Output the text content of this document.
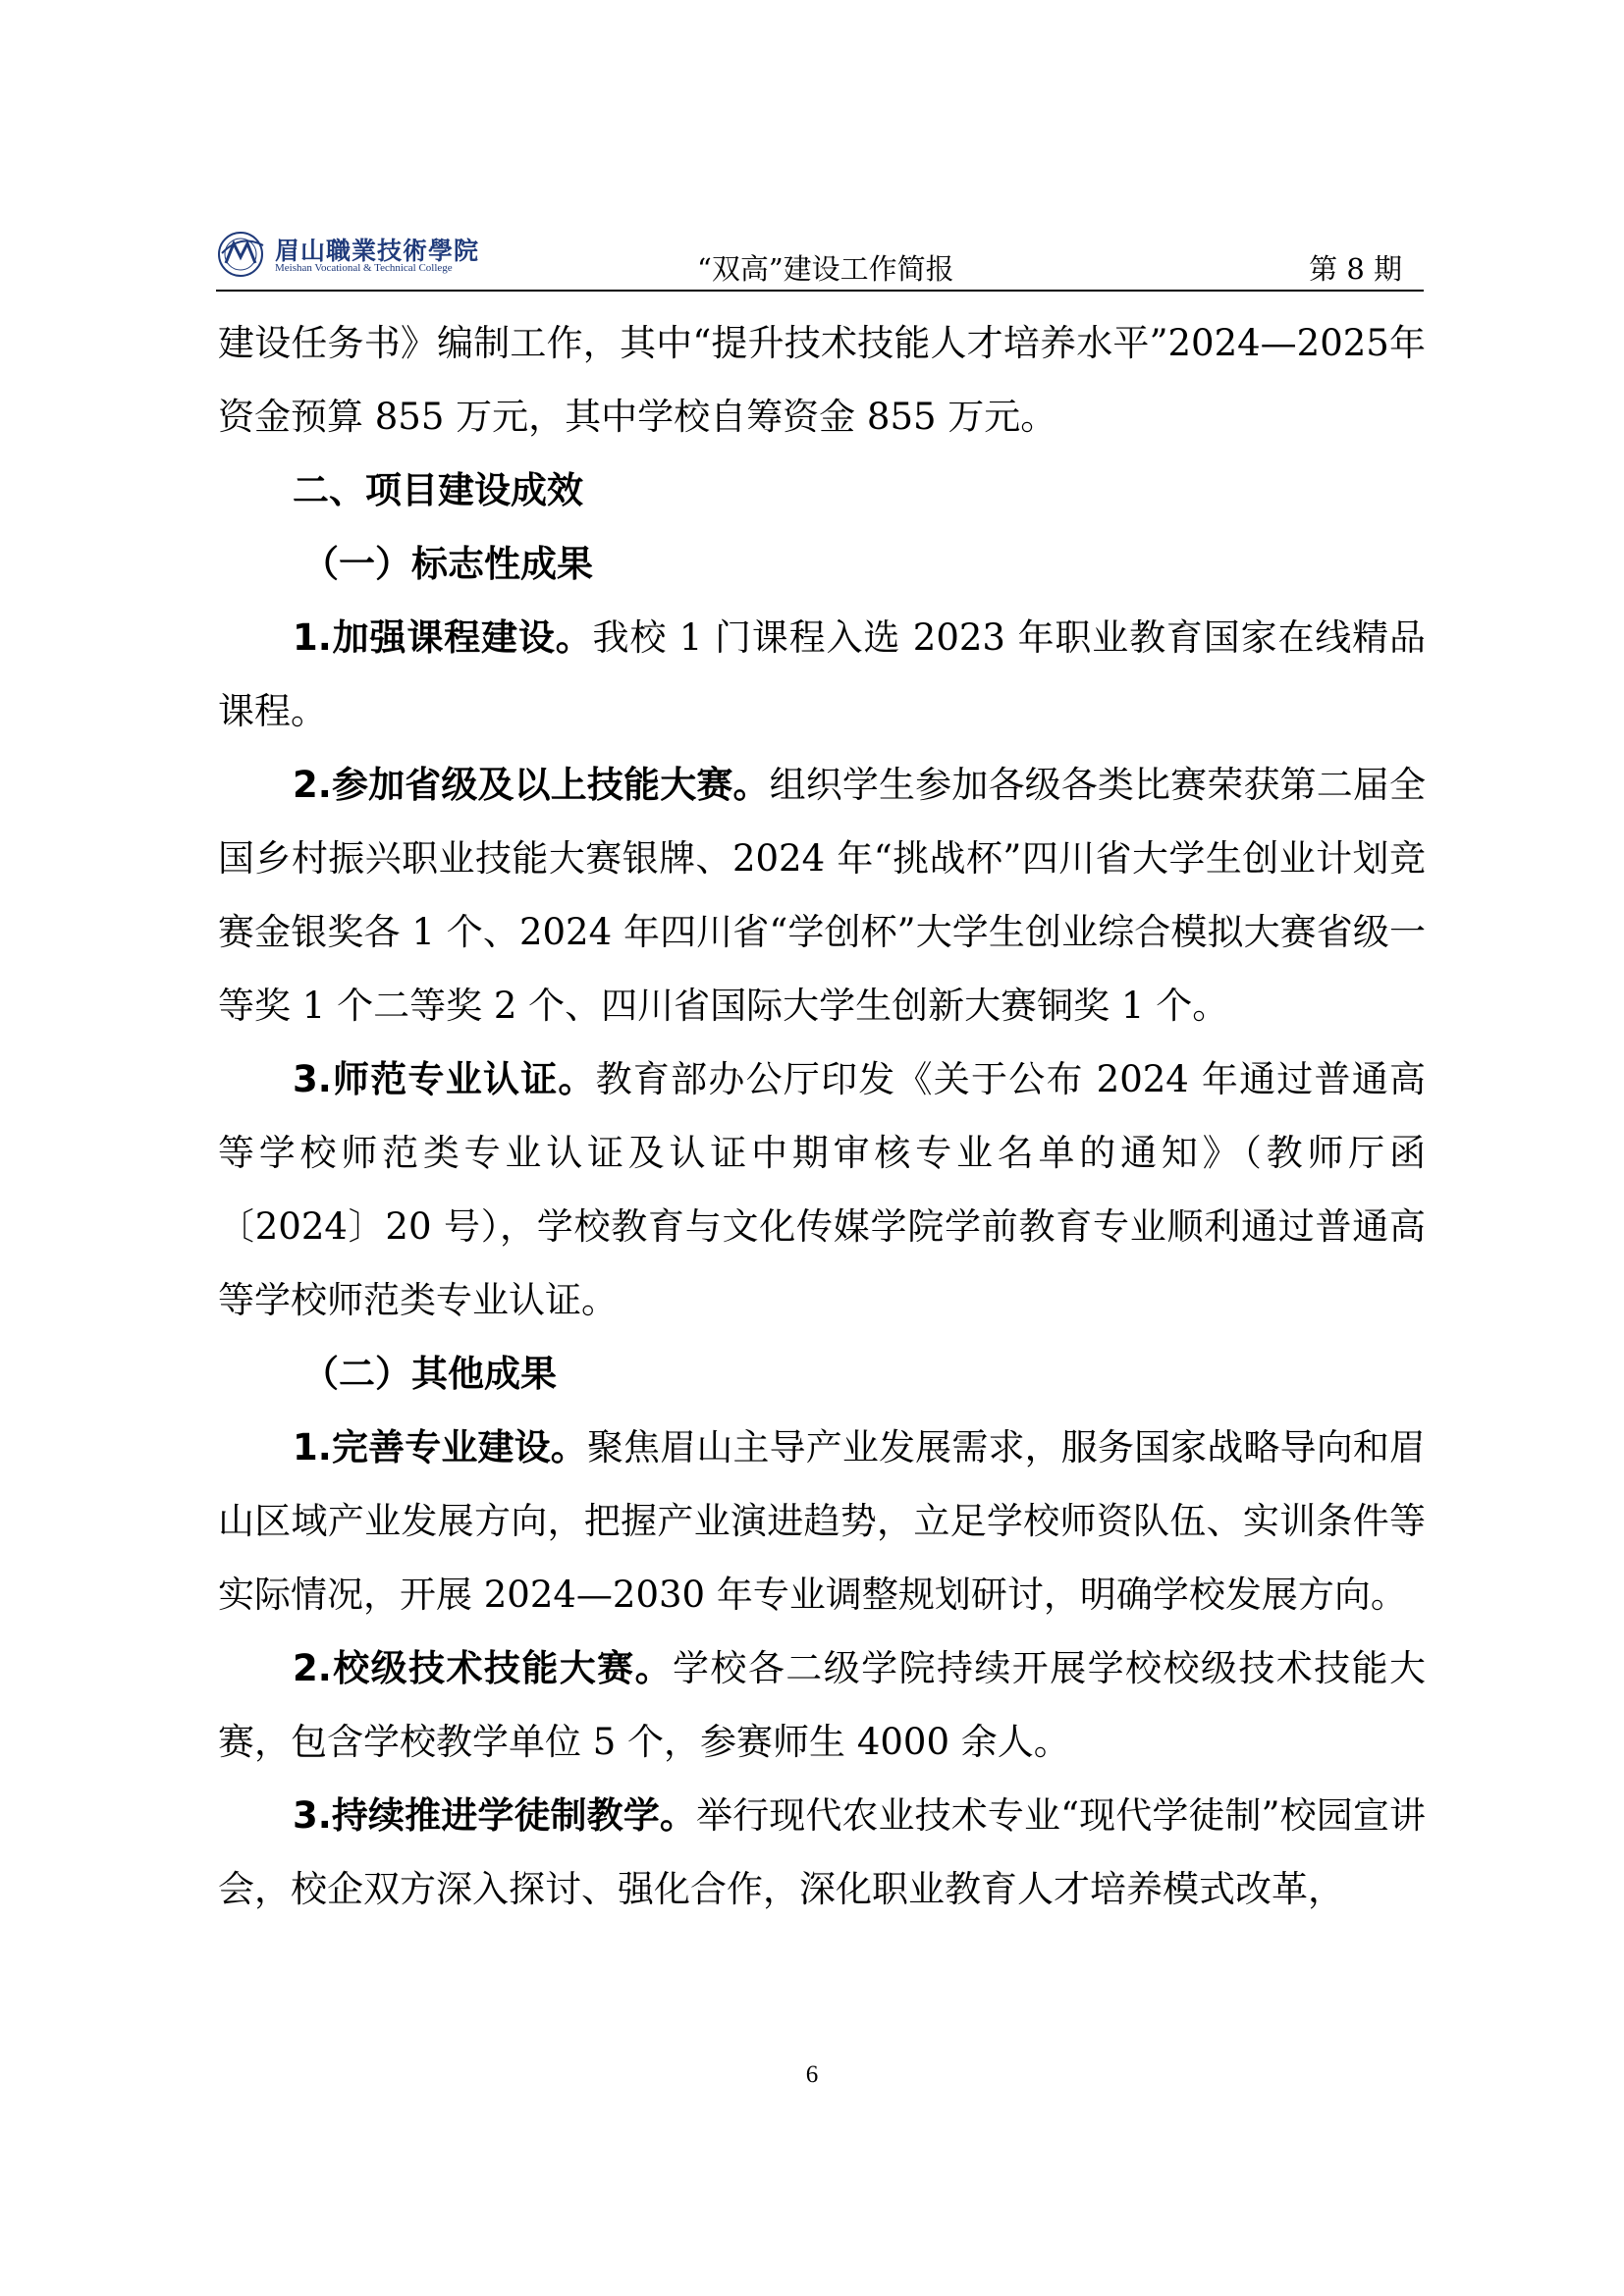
眉山職業技術學院
Meishan Vocational & Technical College	“双高”建设工作简报	第 8 期

建设任务书》编制工作，其中“提升技术技能人才培养水平”2024—2025年资金预算 855 万元，其中学校自筹资金 855 万元。

二、项目建设成效

（一）标志性成果

1.加强课程建设。我校 1 门课程入选 2023 年职业教育国家在线精品课程。

2.参加省级及以上技能大赛。组织学生参加各级各类比赛荣获第二届全国乡村振兴职业技能大赛银牌、2024 年“挑战杯”四川省大学生创业计划竞赛金银奖各 1 个、2024 年四川省“学创杯”大学生创业综合模拟大赛省级一等奖 1 个二等奖 2 个、四川省国际大学生创新大赛铜奖 1 个。

3.师范专业认证。教育部办公厅印发《关于公布 2024 年通过普通高等学校师范类专业认证及认证中期审核专业名单的通知》（教师厅函〔2024〕20 号），学校教育与文化传媒学院学前教育专业顺利通过普通高等学校师范类专业认证。

（二）其他成果

1.完善专业建设。聚焦眉山主导产业发展需求，服务国家战略导向和眉山区域产业发展方向，把握产业演进趋势，立足学校师资队伍、实训条件等实际情况，开展 2024—2030 年专业调整规划研讨，明确学校发展方向。

2.校级技术技能大赛。学校各二级学院持续开展学校校级技术技能大赛，包含学校教学单位 5 个，参赛师生 4000 余人。

3.持续推进学徒制教学。举行现代农业技术专业“现代学徒制”校园宣讲会，校企双方深入探讨、强化合作，深化职业教育人才培养模式改革，

6
